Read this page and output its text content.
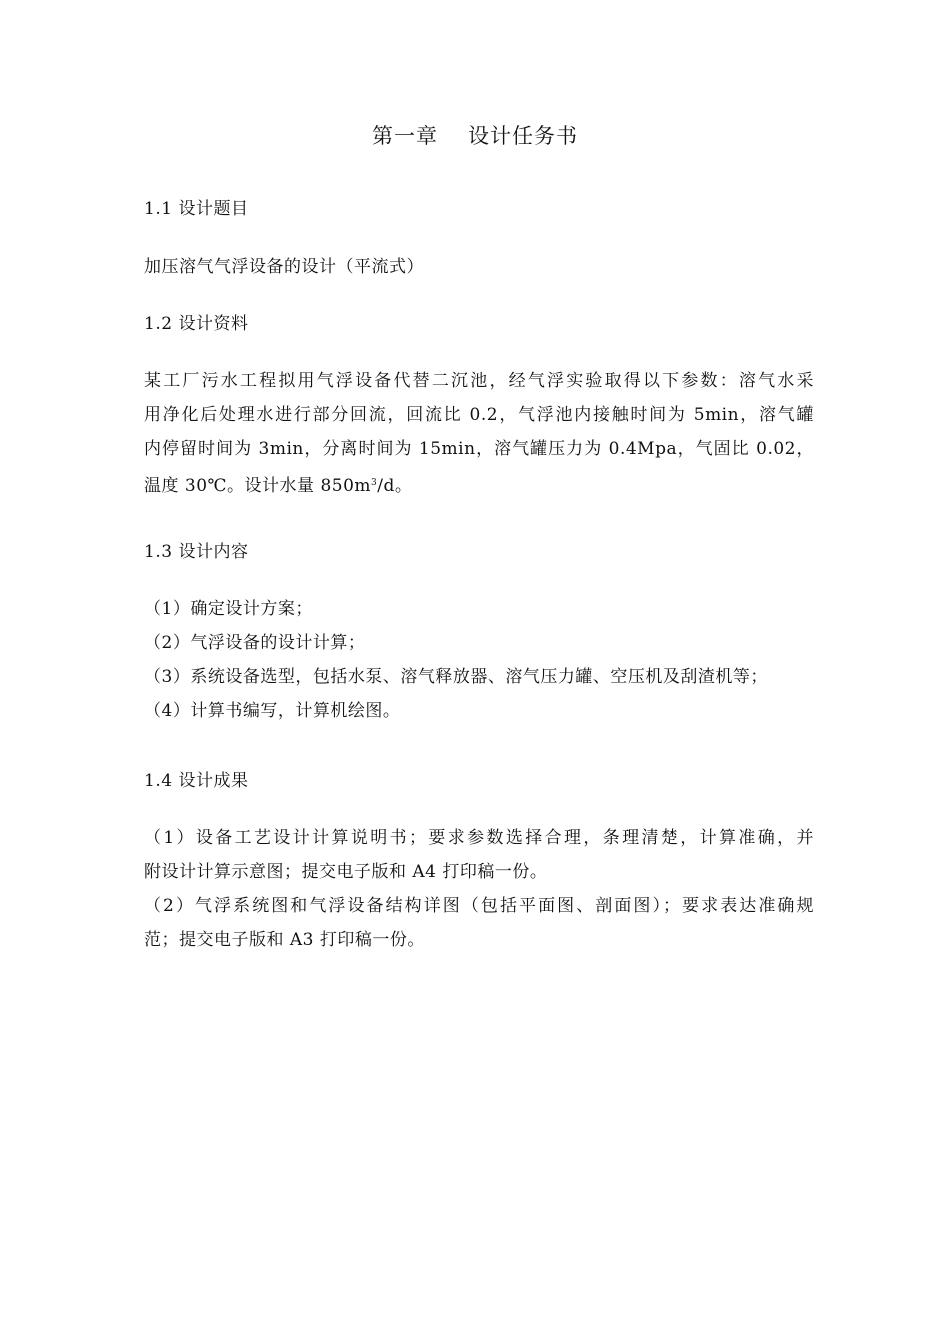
第一章 设计任务书
1.1 设计题目
加压溶气气浮设备的设计（平流式）
1.2 设计资料
某工厂污水工程拟用气浮设备代替二沉池，经气浮实验取得以下参数：溶气水采
用净化后处理水进行部分回流，回流比 0.2，气浮池内接触时间为 5min，溶气罐
内停留时间为 3min，分离时间为 15min，溶气罐压力为 0.4Mpa，气固比 0.02，
温度 30℃。设计水量 $850m^3/d$。
1.3 设计内容
（1）确定设计方案；
（2）气浮设备的设计计算；
（3）系统设备选型，包括水泵、溶气释放器、溶气压力罐、空压机及刮渣机等；
（4）计算书编写，计算机绘图。
1.4 设计成果
（1）设备工艺设计计算说明书；要求参数选择合理，条理清楚，计算准确，并
附设计计算示意图；提交电子版和 A4 打印稿一份。
（2）气浮系统图和气浮设备结构详图（包括平面图、剖面图）；要求表达准确规
范；提交电子版和 A3 打印稿一份。
